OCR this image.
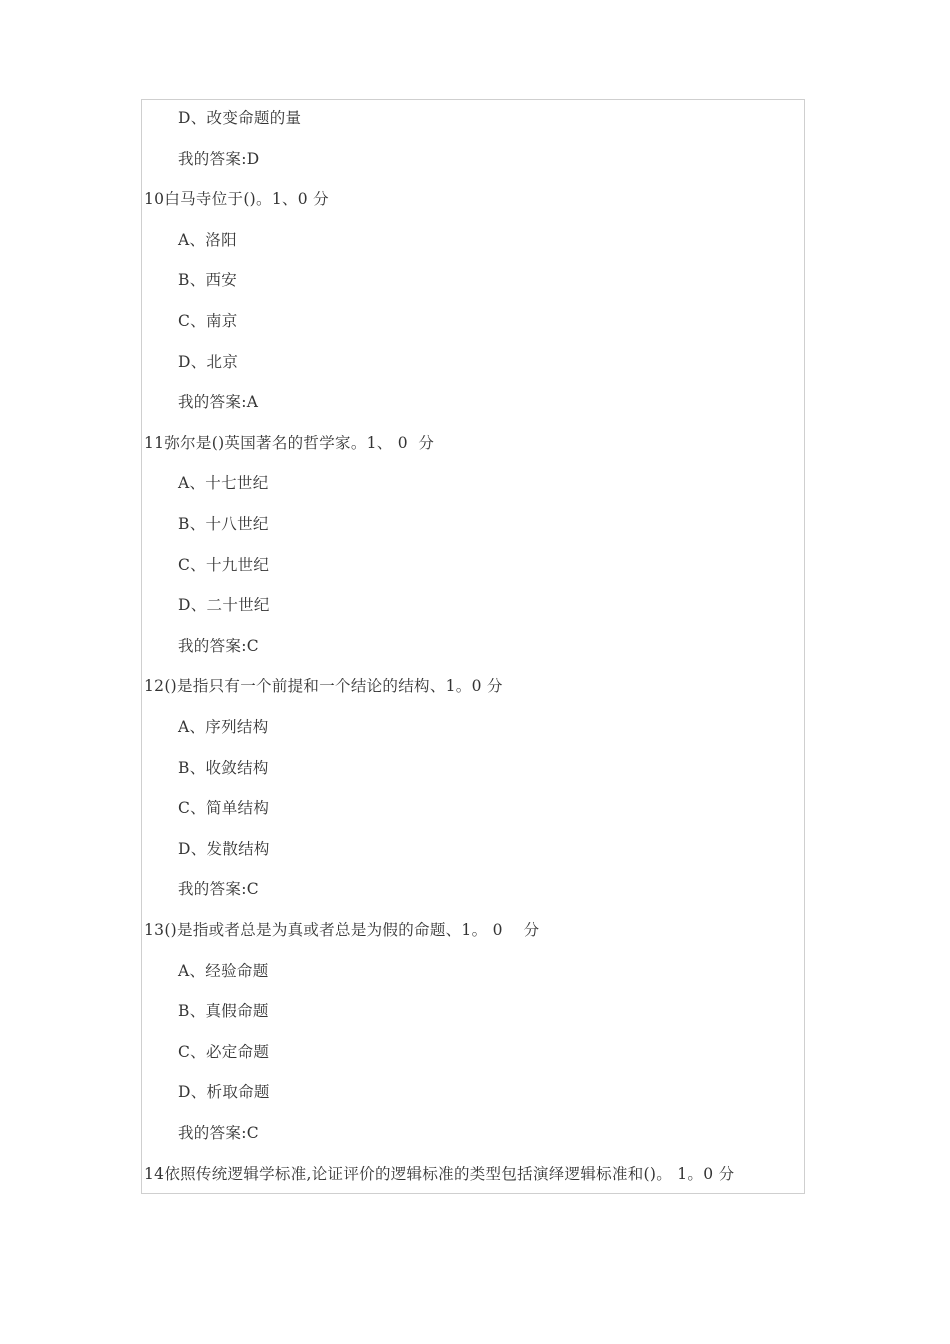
D、改变命题的量
我的答案:D
10白马寺位于()。1、0 分
A、洛阳
B、西安
C、南京
D、北京
我的答案:A
11弥尔是()英国著名的哲学家。1、 0  分
A、十七世纪
B、十八世纪
C、十九世纪
D、二十世纪
我的答案:C
12()是指只有一个前提和一个结论的结构、1。0 分
A、序列结构
B、收敛结构
C、简单结构
D、发散结构
我的答案:C
13()是指或者总是为真或者总是为假的命题、1。 0    分
A、经验命题
B、真假命题
C、必定命题
D、析取命题
我的答案:C
14依照传统逻辑学标准,论证评价的逻辑标准的类型包括演绎逻辑标准和()。 1。0 分
